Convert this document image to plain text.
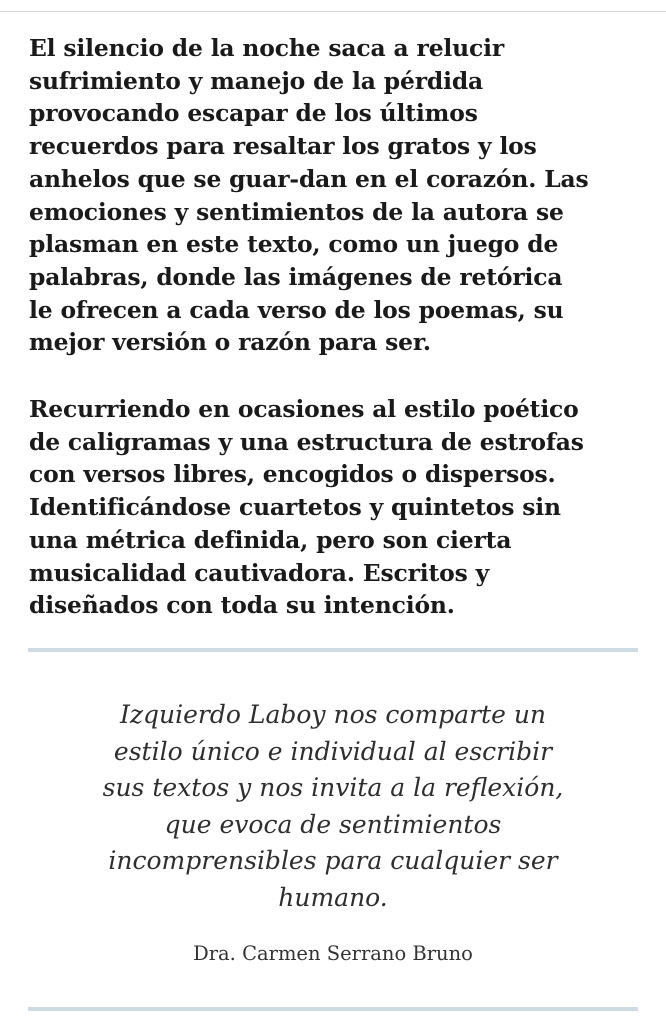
El silencio de la noche saca a relucir
sufrimiento y manejo de la pérdida
provocando escapar de los últimos
recuerdos para resaltar los gratos y los
anhelos que se guar-dan en el corazón. Las
emociones y sentimientos de la autora se
plasman en este texto, como un juego de
palabras, donde las imágenes de retórica
le ofrecen a cada verso de los poemas, su
mejor versión o razón para ser.

Recurriendo en ocasiones al estilo poético
de caligramas y una estructura de estrofas
con versos libres, encogidos o dispersos.
Identificándose cuartetos y quintetos sin
una métrica definida, pero son cierta
musicalidad cautivadora. Escritos y
diseñados con toda su intención.

Izquierdo Laboy nos comparte un
estilo único e individual al escribir
sus textos y nos invita a la reflexión,
que evoca de sentimientos
incomprensibles para cualquier ser
humano.

Dra. Carmen Serrano Bruno
